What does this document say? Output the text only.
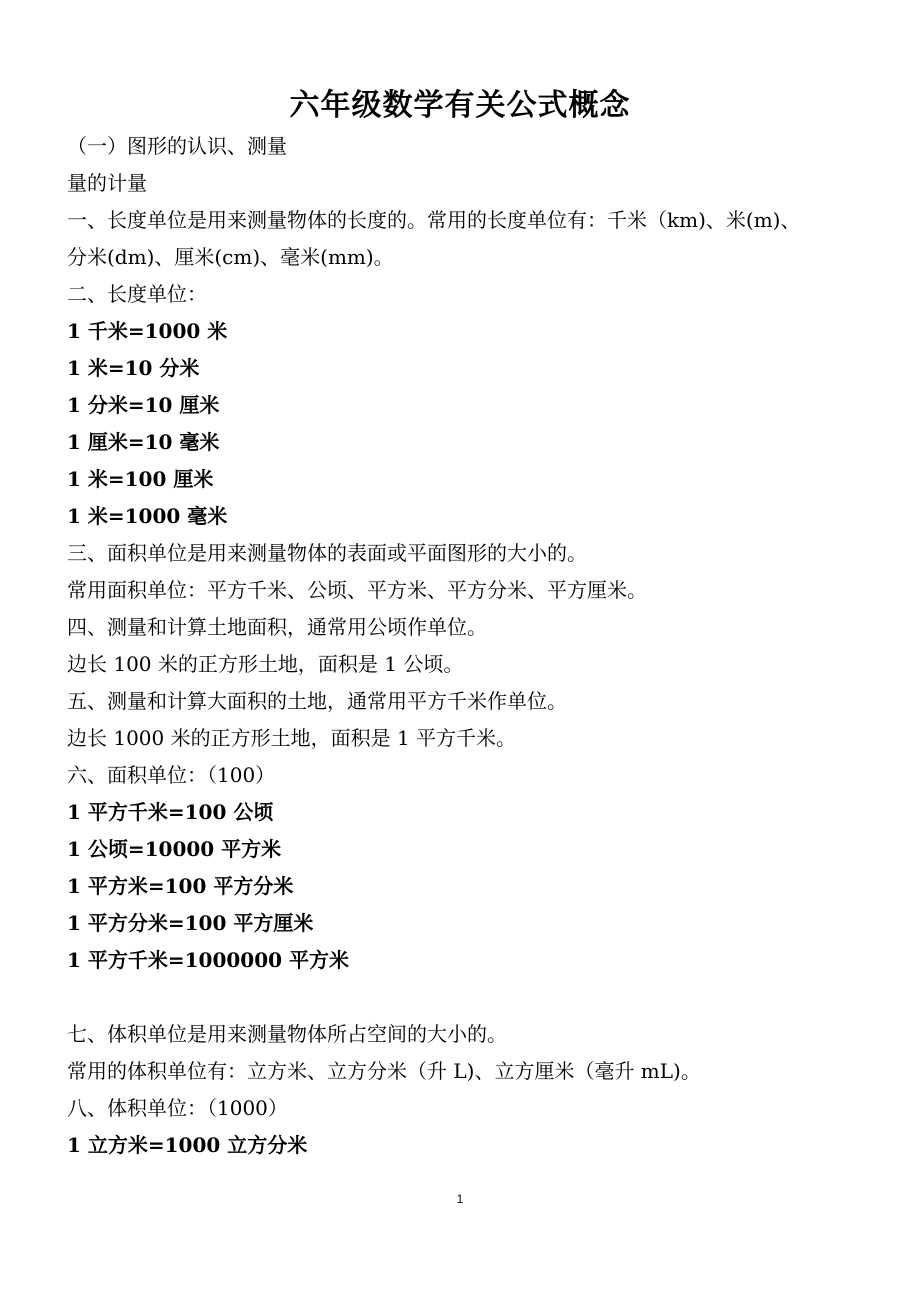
六年级数学有关公式概念
（一）图形的认识、测量
量的计量
一、长度单位是用来测量物体的长度的。常用的长度单位有：千米（km)、米(m)、
分米(dm)、厘米(cm)、毫米(mm)。
二、长度单位：
1 千米=1000 米
1 米=10 分米
1 分米=10 厘米
1 厘米=10 毫米
1 米=100 厘米
1 米=1000 毫米
三、面积单位是用来测量物体的表面或平面图形的大小的。
常用面积单位：平方千米、公顷、平方米、平方分米、平方厘米。
四、测量和计算土地面积，通常用公顷作单位。
边长 100 米的正方形土地，面积是 1 公顷。
五、测量和计算大面积的土地，通常用平方千米作单位。
边长 1000 米的正方形土地，面积是 1 平方千米。
六、面积单位：（100）
1 平方千米=100 公顷
1 公顷=10000 平方米
1 平方米=100 平方分米
1 平方分米=100 平方厘米
1 平方千米=1000000 平方米
七、体积单位是用来测量物体所占空间的大小的。
常用的体积单位有：立方米、立方分米（升 L)、立方厘米（毫升 mL)。
八、体积单位：（1000）
1 立方米=1000 立方分米
1
